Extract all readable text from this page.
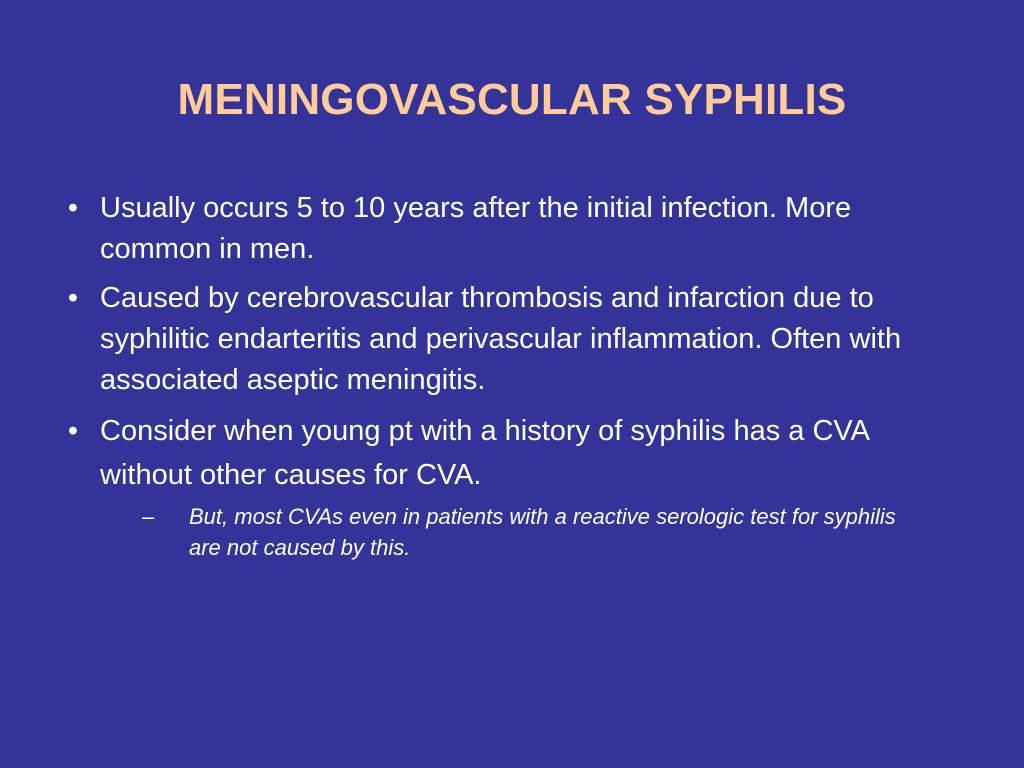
MENINGOVASCULAR SYPHILIS
• Usually occurs 5 to 10 years after the initial infection. More common in men.
• Caused by cerebrovascular thrombosis and infarction due to syphilitic endarteritis and perivascular inflammation. Often with associated aseptic meningitis.
• Consider when young pt with a history of syphilis has a CVA without other causes for CVA.
–	But, most CVAs even in patients with a reactive serologic test for syphilis are not caused by this.
